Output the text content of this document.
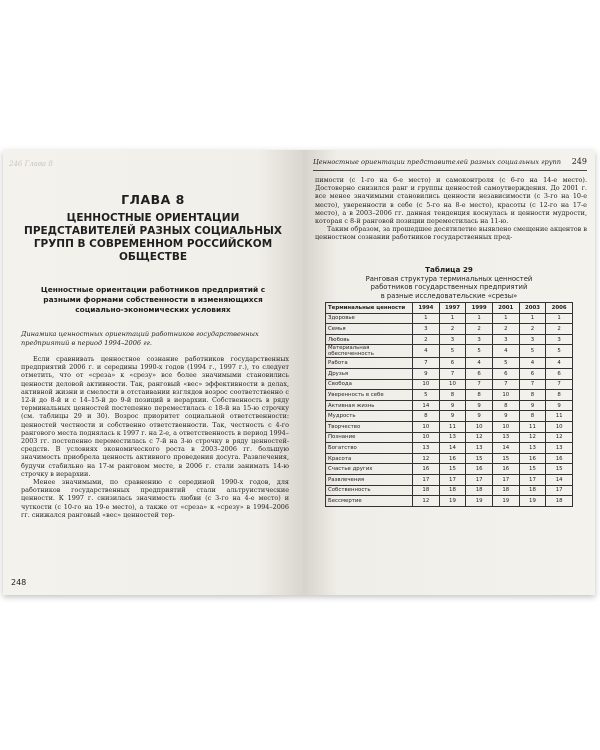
246 Глава 8
ГЛАВА 8
ЦЕННОСТНЫЕ ОРИЕНТАЦИИ ПРЕДСТАВИТЕЛЕЙ РАЗНЫХ СОЦИАЛЬНЫХ ГРУПП В СОВРЕМЕННОМ РОССИЙСКОМ ОБЩЕСТВЕ
Ценностные ориентации работников предприятий с разными формами собственности в изменяющихся социально-экономических условиях
Динамика ценностных ориентаций работников государственных предприятий в период 1994–2006 гг.

Если сравнивать ценностное сознание работников государственных предприятий 2006 г. и середины 1990-х годов (1994 г., 1997 г.), то следует отметить, что от «среза» к «срезу» все более значимыми становились ценности деловой активности. Так, ранговый «вес» эффективности в делах, активной жизни и смелости в отстаивании взглядов возрос соответственно с 12-й до 8-й и с 14–15-й до 9-й позиций в иерархии. Собственность в ряду терминальных ценностей постепенно переместилась с 18-й на 15-ю строчку (см. таблицы 29 и 30). Возрос приоритет социальной ответственности: ценностей честности и собственно ответственности. Так, честность с 4-го рангового места поднялась к 1997 г. на 2-е, а ответственность в период 1994–2003 гг. постепенно переместилась с 7-й на 3-ю строчку в ряду ценностей-средств. В условиях экономического роста в 2003–2006 гг. большую значимость приобрела ценность активного проведения досуга. Развлечения, будучи стабильно на 17-м ранговом месте, в 2006 г. стали занимать 14-ю строчку в иерархии.

Менее значимыми, по сравнению с серединой 1990-х годов, для работников государственных предприятий стали альтруистические ценности. К 1997 г. снизилась значимость любви (с 3-го на 4-е место) и чуткости (с 10-го на 19-е место), а также от «среза» к «срезу» в 1994–2006 гг. снижался ранговый «вес» ценностей тер-

248
Ценностные ориентации представителей разных социальных групп 249

пимости (с 1-го на 6-е место) и самоконтроля (с 6-го на 14-е место). Достоверно снизился ранг и группы ценностей самоутверждения. До 2001 г. все менее значимыми становились ценности независимости (с 3-го на 10-е место), уверенности в себе (с 5-го на 8-е место), красоты (с 12-го на 17-е место), а в 2003–2006 гг. данная тенденция коснулась и ценности мудрости, которая с 8-й ранговой позиции переместилась на 11-ю.

Таким образом, за прошедшее десятилетие выявлено смещение акцентов в ценностном сознании работников государственных пред-

Таблица 29
Ранговая структура терминальных ценностей
работников государственных предприятий
в разные исследовательские «срезы»
Терминальные ценности	1994	1997	1999	2001	2003	2006
Здоровье	1	1	1	1	1	1
Семья	3	2	2	2	2	2
Любовь	2	3	3	3	3	3
Материальная обеспеченность	4	5	5	4	5	5
Работа	7	6	4	5	4	4
Друзья	9	7	6	6	6	6
Свобода	10	10	7	7	7	7
Уверенность в себе	5	8	8	10	8	8
Активная жизнь	14	9	9	8	9	9
Мудрость	8	9	9	9	8	11
Творчество	10	11	10	10	11	10
Познание	10	13	12	13	12	12
Богатство	13	14	13	14	13	13
Красота	12	16	15	15	16	16
Счастье других	16	15	16	16	15	15
Развлечения	17	17	17	17	17	14
Собственность	18	18	18	18	18	17
Бессмертие	12	19	19	19	19	18
